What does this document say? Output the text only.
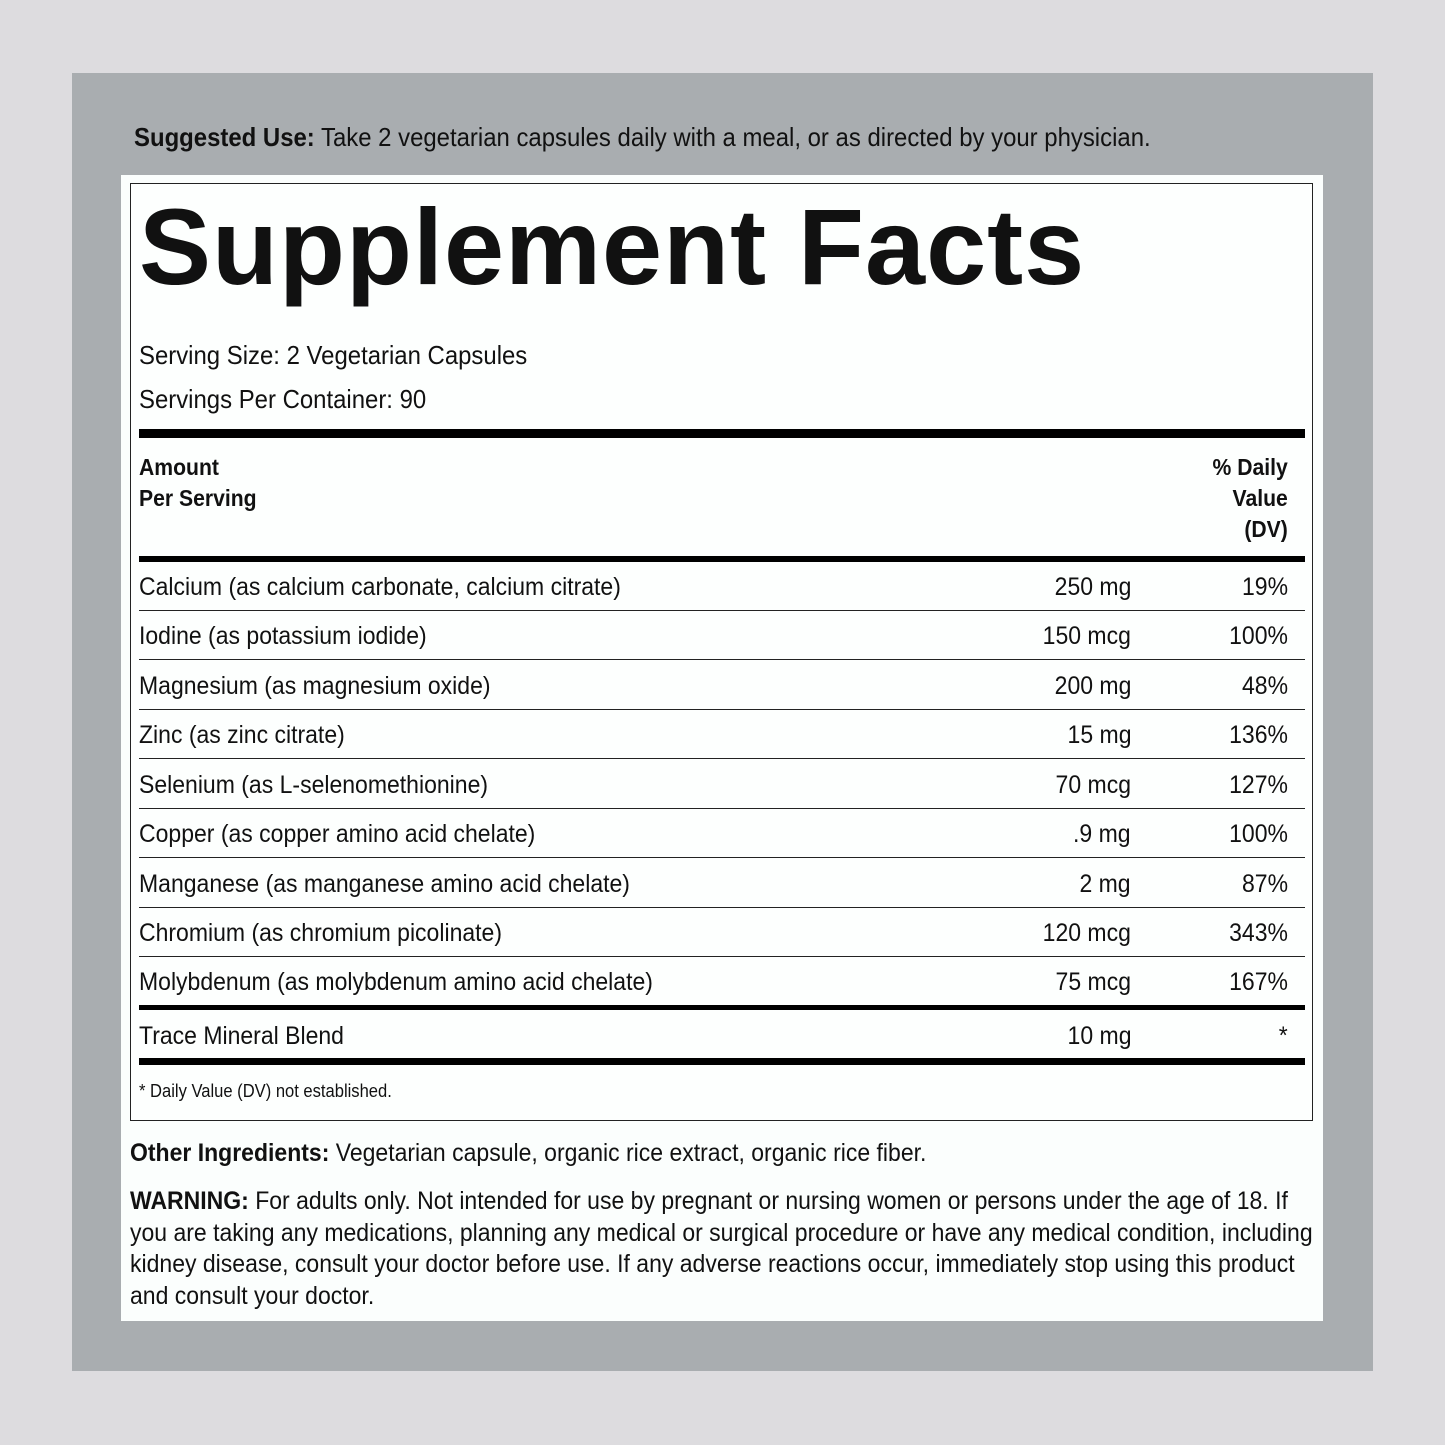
Suggested Use: Take 2 vegetarian capsules daily with a meal, or as directed by your physician.
Supplement Facts
Serving Size: 2 Vegetarian Capsules
Servings Per Container: 90
Amount
Per Serving
% Daily
Value
(DV)
Calcium (as calcium carbonate, calcium citrate)	250 mg	19%
Iodine (as potassium iodide)	150 mcg	100%
Magnesium (as magnesium oxide)	200 mg	48%
Zinc (as zinc citrate)	15 mg	136%
Selenium (as L-selenomethionine)	70 mcg	127%
Copper (as copper amino acid chelate)	.9 mg	100%
Manganese (as manganese amino acid chelate)	2 mg	87%
Chromium (as chromium picolinate)	120 mcg	343%
Molybdenum (as molybdenum amino acid chelate)	75 mcg	167%
Trace Mineral Blend	10 mg	*
* Daily Value (DV) not established.
Other Ingredients: Vegetarian capsule, organic rice extract, organic rice fiber.
WARNING: For adults only. Not intended for use by pregnant or nursing women or persons under the age of 18. If you are taking any medications, planning any medical or surgical procedure or have any medical condition, including kidney disease, consult your doctor before use. If any adverse reactions occur, immediately stop using this product and consult your doctor.
